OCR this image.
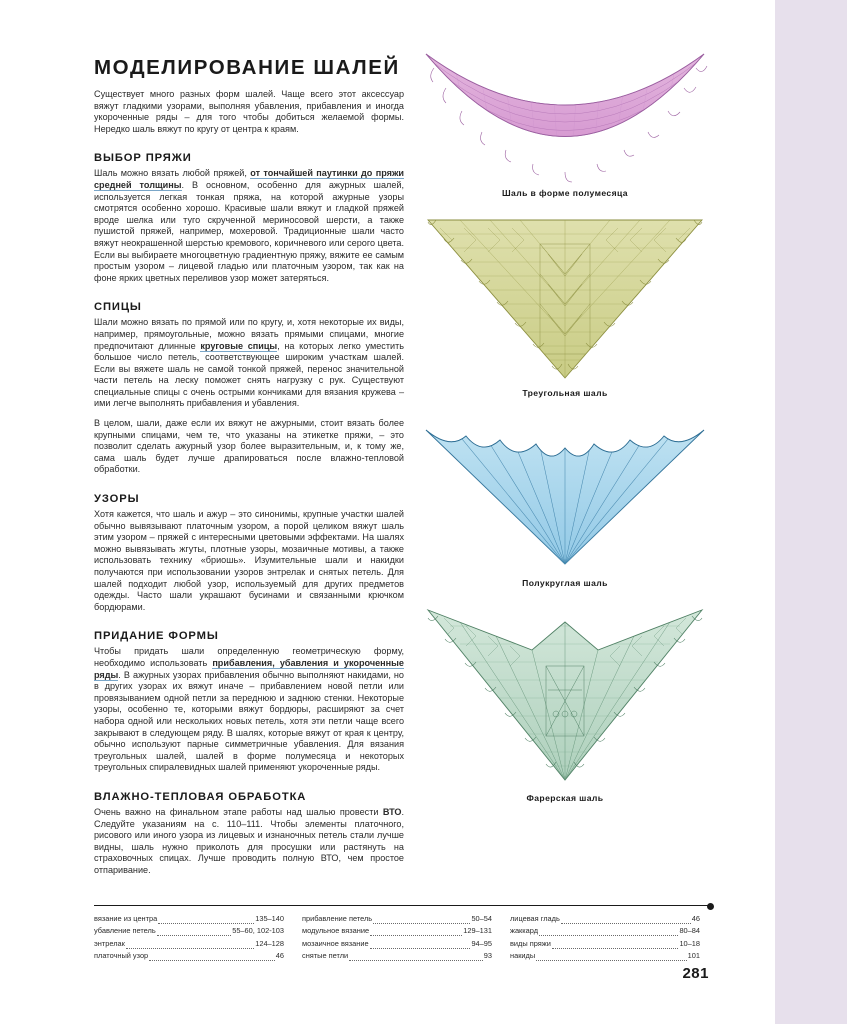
МОДЕЛИРОВАНИЕ ШАЛЕЙ

Существует много разных форм шалей. Чаще всего этот аксессуар вяжут гладкими узорами, выполняя убавления, прибавления и иногда укороченные ряды – для того чтобы добиться желаемой формы. Нередко шаль вяжут по кругу от центра к краям.

ВЫБОР ПРЯЖИ

Шаль можно вязать любой пряжей, от тончайшей паутинки до пряжи средней толщины. В основном, особенно для ажурных шалей, используется легкая тонкая пряжа, на которой ажурные узоры смотрятся особенно хорошо. Красивые шали вяжут и гладкой пряжей вроде шелка или туго скрученной мериносовой шерсти, а также пушистой пряжей, например, мохеровой. Традиционные шали часто вяжут неокрашенной шерстью кремового, коричневого или серого цвета. Если вы выбираете многоцветную градиентную пряжу, вяжите ее самым простым узором – лицевой гладью или платочным узором, так как на фоне ярких цветных переливов узор может затеряться.

СПИЦЫ

Шали можно вязать по прямой или по кругу, и, хотя некоторые их виды, например, прямоугольные, можно вязать прямыми спицами, многие предпочитают длинные круговые спицы, на которых легко уместить большое число петель, соответствующее широким участкам шалей. Если вы вяжете шаль не самой тонкой пряжей, перенос значительной части петель на леску поможет снять нагрузку с рук. Существуют специальные спицы с очень острыми кончиками для вязания кружева – ими легче выполнять прибавления и убавления.

В целом, шали, даже если их вяжут не ажурными, стоит вязать более крупными спицами, чем те, что указаны на этикетке пряжи, – это позволит сделать ажурный узор более выразительным, и, к тому же, сама шаль будет лучше драпироваться после влажно-тепловой обработки.

УЗОРЫ

Хотя кажется, что шаль и ажур – это синонимы, крупные участки шалей обычно вывязывают платочным узором, а порой целиком вяжут шаль этим узором – пряжей с интересными цветовыми эффектами. На шалях можно вывязывать жгуты, плотные узоры, мозаичные мотивы, а также использовать технику «бриошь». Изумительные шали и накидки получаются при использовании узоров энтрелак и снятых петель. Для шалей подходит любой узор, используемый для других предметов одежды. Часто шали украшают бусинами и связанными крючком бордюрами.

ПРИДАНИЕ ФОРМЫ

Чтобы придать шали определенную геометрическую форму, необходимо использовать прибавления, убавления и укороченные ряды. В ажурных узорах прибавления обычно выполняют накидами, но в других узорах их вяжут иначе – прибавлением новой петли или провязыванием одной петли за переднюю и заднюю стенки. Некоторые узоры, особенно те, которыми вяжут бордюры, расширяют за счет набора одной или нескольких новых петель, хотя эти петли чаще всего закрывают в следующем ряду. В шалях, которые вяжут от края к центру, обычно используют парные симметричные убавления. Для вязания треугольных шалей, шалей в форме полумесяца и некоторых треугольных спиралевидных шалей применяют укороченные ряды.

ВЛАЖНО-ТЕПЛОВАЯ ОБРАБОТКА

Очень важно на финальном этапе работы над шалью провести ВТО. Следуйте указаниям на с. 110–111. Чтобы элементы платочного, рисового или иного узора из лицевых и изнаночных петель стали лучше видны, шаль нужно приколоть для просушки или растянуть на страховочных спицах. Лучше проводить полную ВТО, чем простое отпаривание.

Шаль в форме полумесяца
Треугольная шаль
Полукруглая шаль
Фарерская шаль
вязание из центра	135–140
убавление петель	55–60, 102-103
энтрелак	124–128
платочный узор	46
прибавление петель	50–54
модульное вязание	129–131
мозаичное вязание	94–95
снятые петли	93
лицевая гладь	46
жаккард	80–84
виды пряжи	10–18
накиды	101
281
